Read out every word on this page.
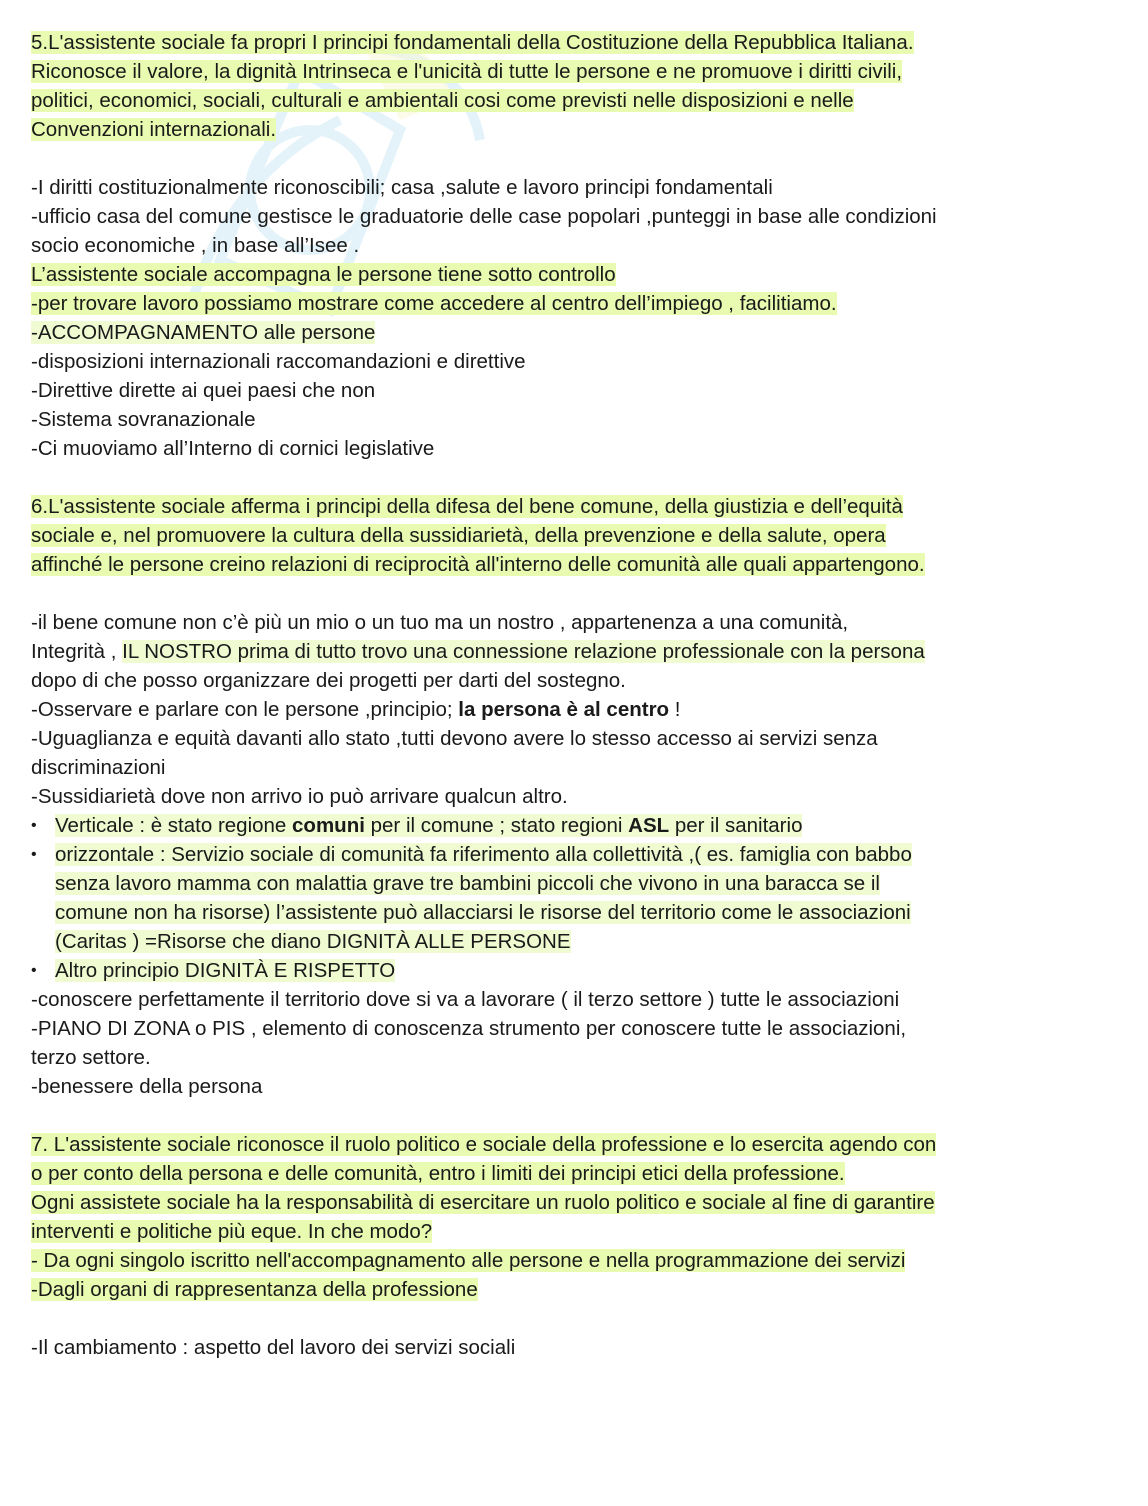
5.L'assistente sociale fa propri I principi fondamentali della Costituzione della Repubblica Italiana.
Riconosce il valore, la dignità Intrinseca e l'unicità di tutte le persone e ne promuove i diritti civili,
politici, economici, sociali, culturali e ambientali cosi come previsti nelle disposizioni e nelle
Convenzioni internazionali.
-I diritti costituzionalmente riconoscibili; casa ,salute e lavoro principi fondamentali
-ufficio casa del comune gestisce le graduatorie delle case popolari ,punteggi in base alle condizioni
socio economiche , in base all’Isee .
L’assistente sociale accompagna le persone tiene sotto controllo
-per trovare lavoro possiamo mostrare come accedere al centro dell’impiego , facilitiamo.
-ACCOMPAGNAMENTO alle persone
-disposizioni internazionali raccomandazioni e direttive
-Direttive dirette ai quei paesi che non
-Sistema sovranazionale
-Ci muoviamo all’Interno di cornici legislative
6.L'assistente sociale afferma i principi della difesa del bene comune, della giustizia e dell’equità
sociale e, nel promuovere la cultura della sussidiarietà, della prevenzione e della salute, opera
affinché le persone creino relazioni di reciprocità all'interno delle comunità alle quali appartengono.
-il bene comune non c’è più un mio o un tuo ma un nostro , appartenenza a una comunità,
Integrità , IL NOSTRO prima di tutto trovo una connessione relazione professionale con la persona
dopo di che posso organizzare dei progetti per darti del sostegno.
-Osservare e parlare con le persone ,principio; la persona è al centro !
-Uguaglianza e equità davanti allo stato ,tutti devono avere lo stesso accesso ai servizi senza
discriminazioni
-Sussidiarietà dove non arrivo io può arrivare qualcun altro.
• Verticale : è stato regione comuni per il comune ; stato regioni ASL per il sanitario
• orizzontale : Servizio sociale di comunità fa riferimento alla collettività ,( es. famiglia con babbo
senza lavoro mamma con malattia grave tre bambini piccoli che vivono in una baracca se il
comune non ha risorse) l’assistente può allacciarsi le risorse del territorio come le associazioni
(Caritas ) =Risorse che diano DIGNITÀ ALLE PERSONE
• Altro principio DIGNITÀ E RISPETTO
-conoscere perfettamente il territorio dove si va a lavorare ( il terzo settore ) tutte le associazioni
-PIANO DI ZONA o PIS , elemento di conoscenza strumento per conoscere tutte le associazioni,
terzo settore.
-benessere della persona
7. L'assistente sociale riconosce il ruolo politico e sociale della professione e lo esercita agendo con
o per conto della persona e delle comunità, entro i limiti dei principi etici della professione.
Ogni assistete sociale ha la responsabilità di esercitare un ruolo politico e sociale al fine di garantire
interventi e politiche più eque. In che modo?
- Da ogni singolo iscritto nell'accompagnamento alle persone e nella programmazione dei servizi
-Dagli organi di rappresentanza della professione
-Il cambiamento : aspetto del lavoro dei servizi sociali
